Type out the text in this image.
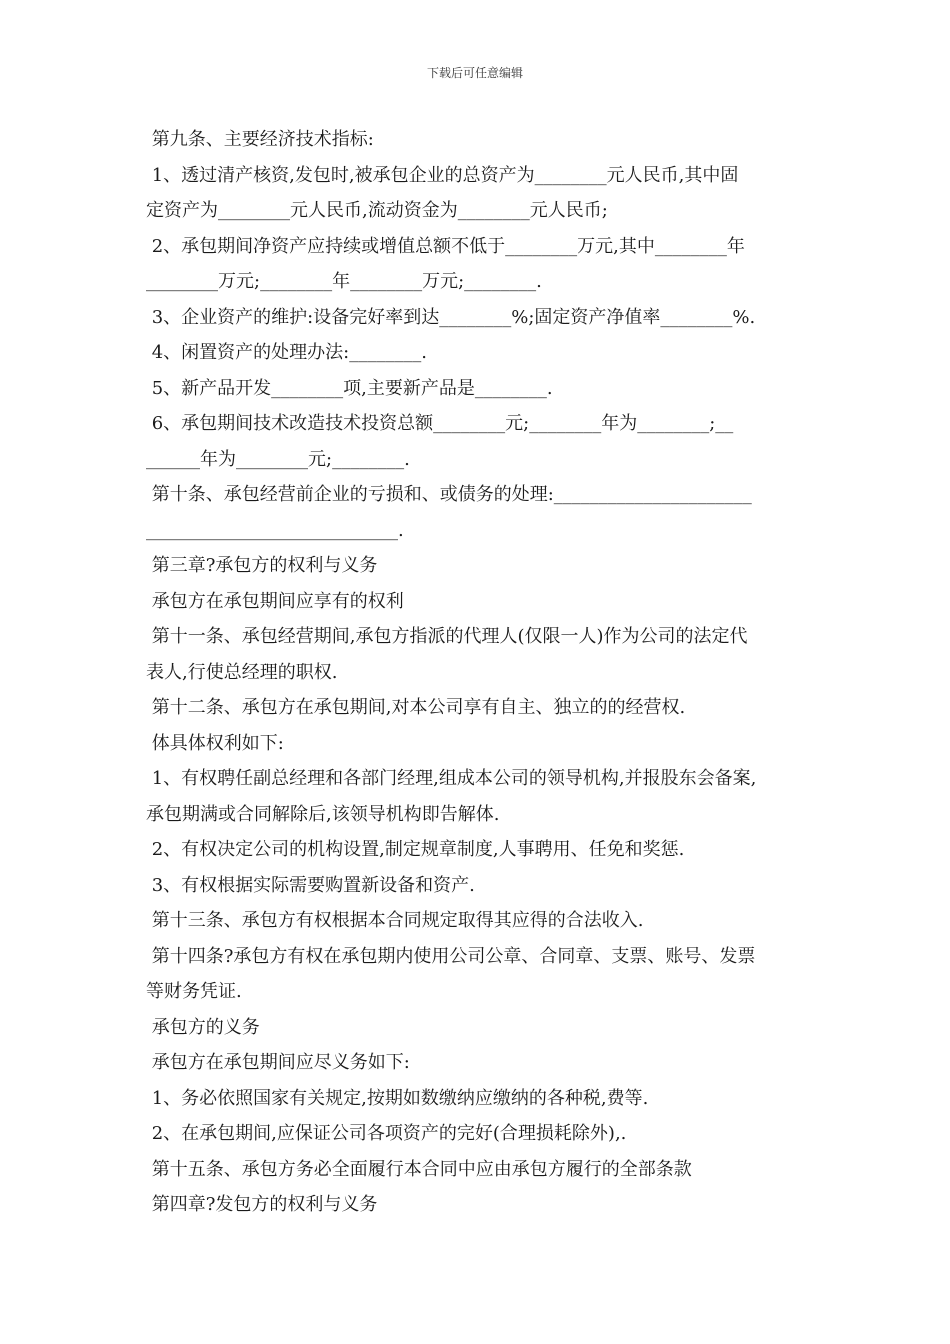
下载后可任意编辑
第九条、主要经济技术指标:
1、透过清产核资,发包时,被承包企业的总资产为________元人民币,其中固
定资产为________元人民币,流动资金为________元人民币;
2、承包期间净资产应持续或增值总额不低于________万元,其中________年
________万元;________年________万元;________.
3、企业资产的维护:设备完好率到达________%;固定资产净值率________%.
4、闲置资产的处理办法:________.
5、新产品开发________项,主要新产品是________.
6、承包期间技术改造技术投资总额________元;________年为________;__
______年为________元;________.
第十条、承包经营前企业的亏损和、或债务的处理:______________________
____________________________.
第三章?承包方的权利与义务
承包方在承包期间应享有的权利
第十一条、承包经营期间,承包方指派的代理人(仅限一人)作为公司的法定代
表人,行使总经理的职权.
第十二条、承包方在承包期间,对本公司享有自主、独立的的经营权.
体具体权利如下:
1、有权聘任副总经理和各部门经理,组成本公司的领导机构,并报股东会备案,
承包期满或合同解除后,该领导机构即告解体.
2、有权决定公司的机构设置,制定规章制度,人事聘用、任免和奖惩.
3、有权根据实际需要购置新设备和资产.
第十三条、承包方有权根据本合同规定取得其应得的合法收入.
第十四条?承包方有权在承包期内使用公司公章、合同章、支票、账号、发票
等财务凭证.
承包方的义务
承包方在承包期间应尽义务如下:
1、务必依照国家有关规定,按期如数缴纳应缴纳的各种税,费等.
2、在承包期间,应保证公司各项资产的完好(合理损耗除外),.
第十五条、承包方务必全面履行本合同中应由承包方履行的全部条款
第四章?发包方的权利与义务
